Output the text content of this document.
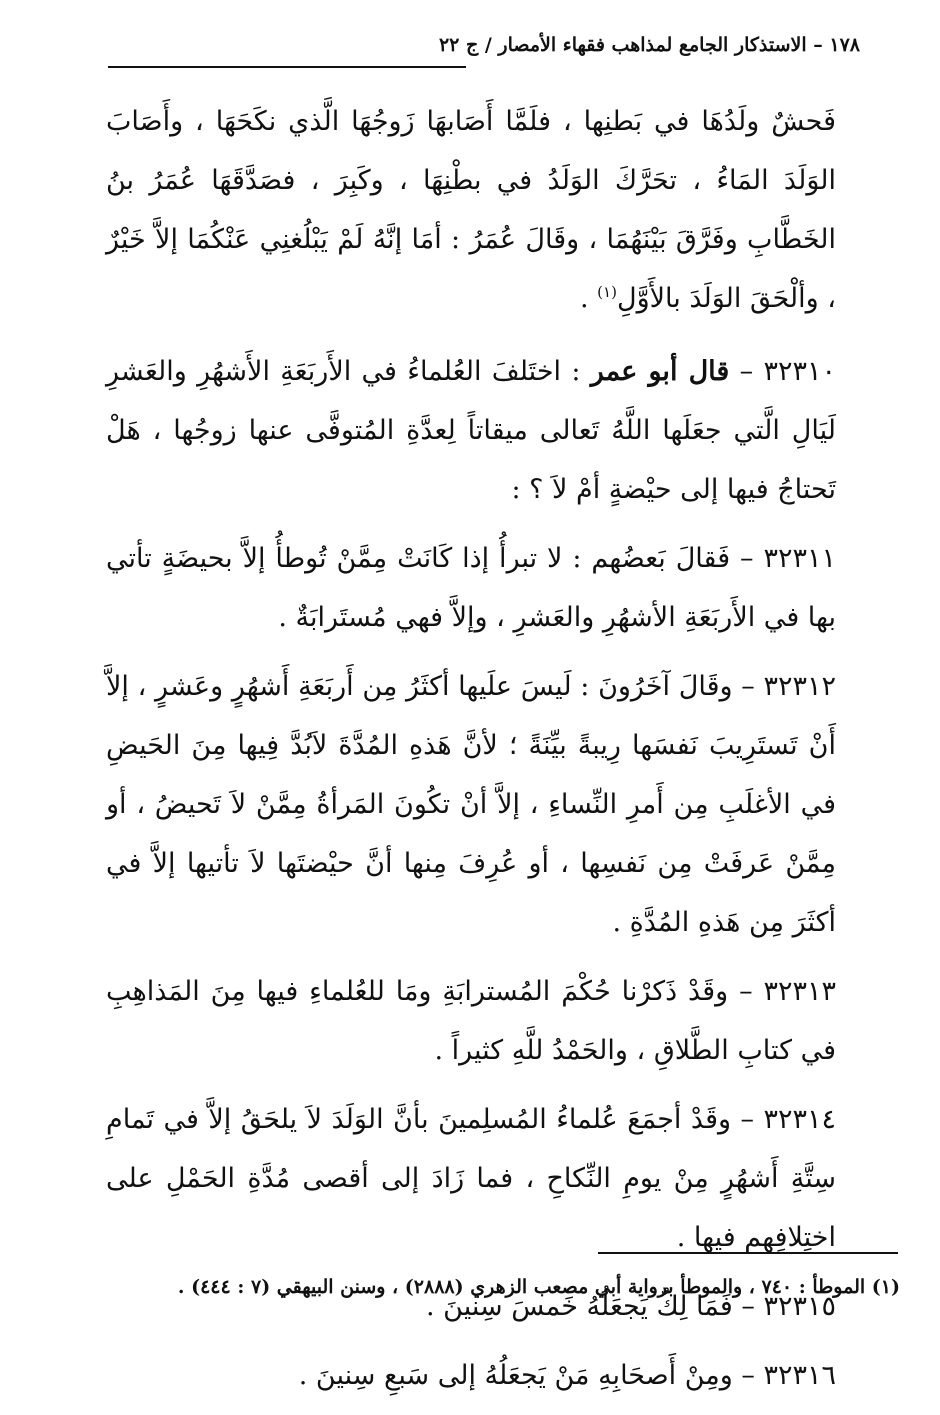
١٧٨ – الاستذكار الجامع لمذاهب فقهاء الأمصار / ج ٢٢

فَحشٌ ولَدُهَا في بَطنِها ، فلَمَّا أَصَابهَا زَوجُهَا الَّذي نكَحَهَا ، وأَصَابَ الوَلَدَ المَاءُ ، تحَرَّكَ الوَلَدُ في بطْنِهَا ، وكَبِرَ ، فصَدَّقَهَا عُمَرُ بنُ الخَطَّابِ وفَرَّقَ بَيْنَهُمَا ، وقَالَ عُمَرُ : أمَا إنَّهُ لَمْ يَبْلُغنِي عَنْكُمَا إلاَّ خَيْرٌ ، وألْحَقَ الوَلَدَ بالأَوَّلِ$^{(١)}$ .

٣٢٣١٠ – قال أبو عمر : اختَلفَ العُلماءُ في الأَربَعَةِ الأَشهُرِ والعَشرِ لَيَالِ الَّتي جعَلَها اللَّهُ تَعالى ميقاتاً لِعدَّةِ المُتوفَّى عنها زوجُها ، هَلْ تَحتاجُ فيها إلى حيْضةٍ أمْ لاَ ؟ :

٣٢٣١١ – فَقالَ بَعضُهم : لا تبرأُ إذا كَانَتْ مِمَّنْ تُوطأُ إلاَّ بحيضَةٍ تأتي بها في الأَربَعَةِ الأشهُرِ والعَشرِ ، وإلاَّ فهي مُستَرابَةٌ .

٣٢٣١٢ – وقَالَ آخَرُونَ : لَيسَ علَيها أكثَرُ مِن أَربَعَةِ أَشهُرٍ وعَشرٍ ، إلاَّ أَنْ تَستَرِيبَ نَفسَها رِيبةً بيِّنَةً ؛ لأنَّ هَذهِ المُدَّةَ لاَبُدَّ فِيها مِنَ الحَيضِ في الأغلَبِ مِن أَمرِ النِّساءِ ، إلاَّ أنْ تكُونَ المَرأةُ مِمَّنْ لاَ تَحيضُ ، أو مِمَّنْ عَرفَتْ مِن نَفسِها ، أو عُرِفَ مِنها أنَّ حيْضتَها لاَ تأتيها إلاَّ في أكثَرَ مِن هَذهِ المُدَّةِ .

٣٢٣١٣ – وقَدْ ذَكرْنا حُكْمَ المُسترابَةِ ومَا للعُلماءِ فيها مِنَ المَذاهِبِ في كتابِ الطَّلاقِ ، والحَمْدُ للَّهِ كثيراً .

٣٢٣١٤ – وقَدْ أجمَعَ عُلماءُ المُسلِمينَ بأنَّ الوَلَدَ لاَ يلحَقُ إلاَّ في تَمامِ سِتَّةِ أَشهُرٍ مِنْ يومِ النِّكاحِ ، فما زَادَ إلى أقصى مُدَّةِ الحَمْلِ على اختِلافِهم فيها .

٣٢٣١٥ – فَمَا لِكٌ يَجعَلُهُ خَمسَ سِنينَ .

٣٢٣١٦ – ومِنْ أَصحَابِهِ مَنْ يَجعَلُهُ إلى سَبعِ سِنينَ .

(١) الموطأ : ٧٤٠ ، والموطأ برواية أبي مصعب الزهري (٢٨٨٨) ، وسنن البيهقي (٧ : ٤٤٤) .
